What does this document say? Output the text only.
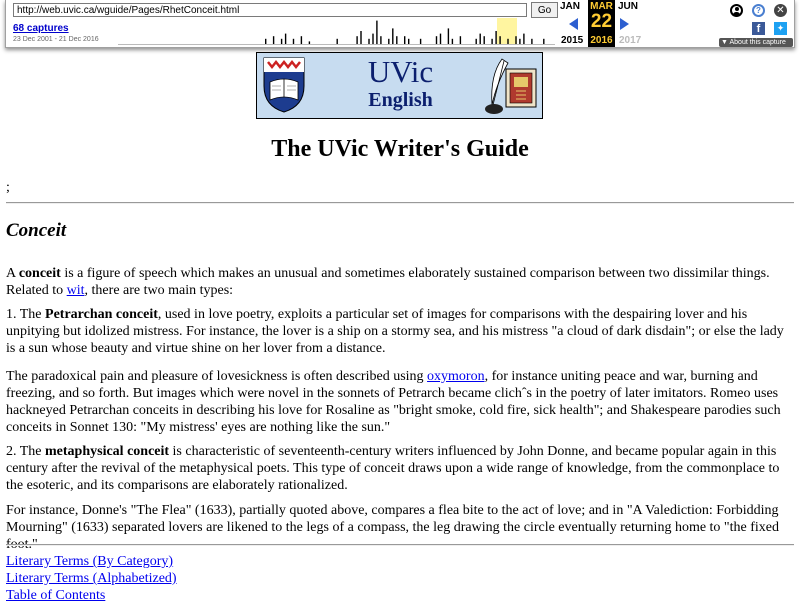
http://web.uvic.ca/wguide/Pages/RhetConceit.html
Go
68 captures
23 Dec 2001 - 21 Dec 2016
JAN	JUN
2015	2017
MAR
22
2016
?	✕
f	✦
▼ About this capture
UVic
English
The UVic Writer's Guide
;
Conceit

A conceit is a figure of speech which makes an unusual and sometimes elaborately sustained comparison between two dissimilar things. Related to wit, there are two main types:

1. The Petrarchan conceit, used in love poetry, exploits a particular set of images for comparisons with the despairing lover and his unpitying but idolized mistress. For instance, the lover is a ship on a stormy sea, and his mistress "a cloud of dark disdain"; or else the lady is a sun whose beauty and virtue shine on her lover from a distance.

The paradoxical pain and pleasure of lovesickness is often described using oxymoron, for instance uniting peace and war, burning and freezing, and so forth. But images which were novel in the sonnets of Petrarch became clichˆs in the poetry of later imitators. Romeo uses hackneyed Petrarchan conceits in describing his love for Rosaline as "bright smoke, cold fire, sick health"; and Shakespeare parodies such conceits in Sonnet 130: "My mistress' eyes are nothing like the sun."

2. The metaphysical conceit is characteristic of seventeenth-century writers influenced by John Donne, and became popular again in this century after the revival of the metaphysical poets. This type of conceit draws upon a wide range of knowledge, from the commonplace to the esoteric, and its comparisons are elaborately rationalized.

For instance, Donne's "The Flea" (1633), partially quoted above, compares a flea bite to the act of love; and in "A Valediction: Forbidding Mourning" (1633) separated lovers are likened to the legs of a compass, the leg drawing the circle eventually returning home to "the fixed foot."

Literary Terms (By Category)
Literary Terms (Alphabetized)
Table of Contents
